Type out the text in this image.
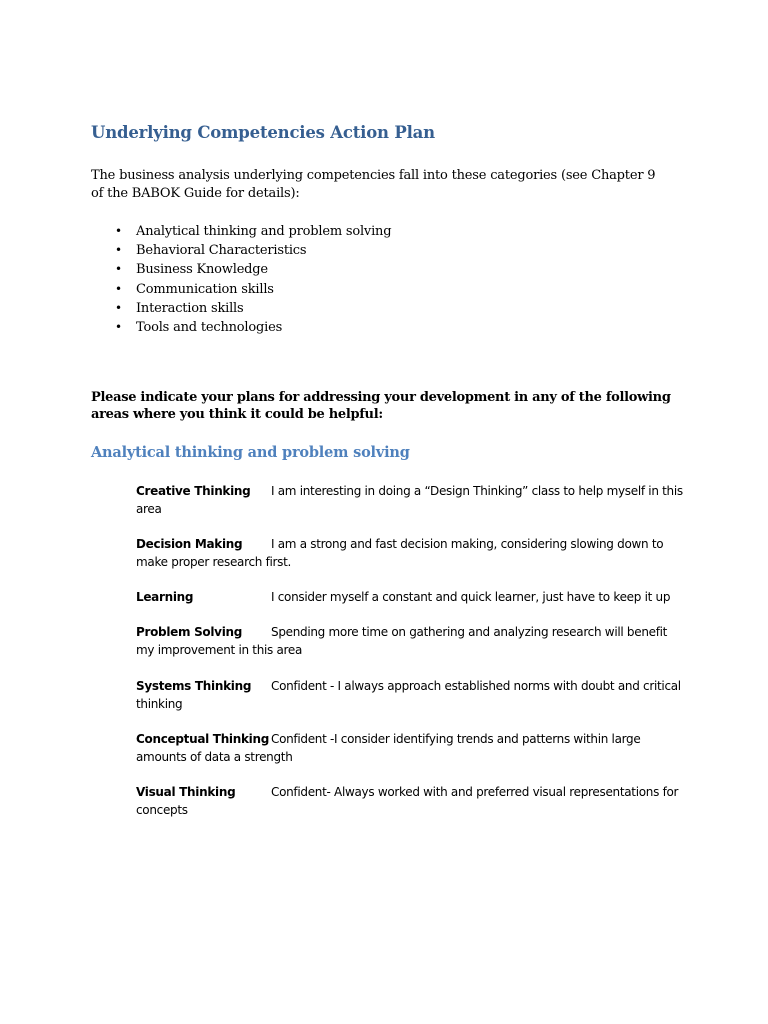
Underlying Competencies Action Plan
The business analysis underlying competencies fall into these categories (see Chapter 9 of the BABOK Guide for details):
• Analytical thinking and problem solving
• Behavioral Characteristics
• Business Knowledge
• Communication skills
• Interaction skills
• Tools and technologies
Please indicate your plans for addressing your development in any of the following areas where you think it could be helpful:
Analytical thinking and problem solving
Creative Thinking I am interesting in doing a “Design Thinking” class to help myself in this area
Decision Making I am a strong and fast decision making, considering slowing down to make proper research first.
Learning	I consider myself a constant and quick learner, just have to keep it up
Problem Solving Spending more time on gathering and analyzing research will benefit my improvement in this area
Systems Thinking Confident - I always approach established norms with doubt and critical thinking
Conceptual Thinking Confident -I consider identifying trends and patterns within large amounts of data a strength
Visual Thinking	Confident- Always worked with and preferred visual representations for concepts
